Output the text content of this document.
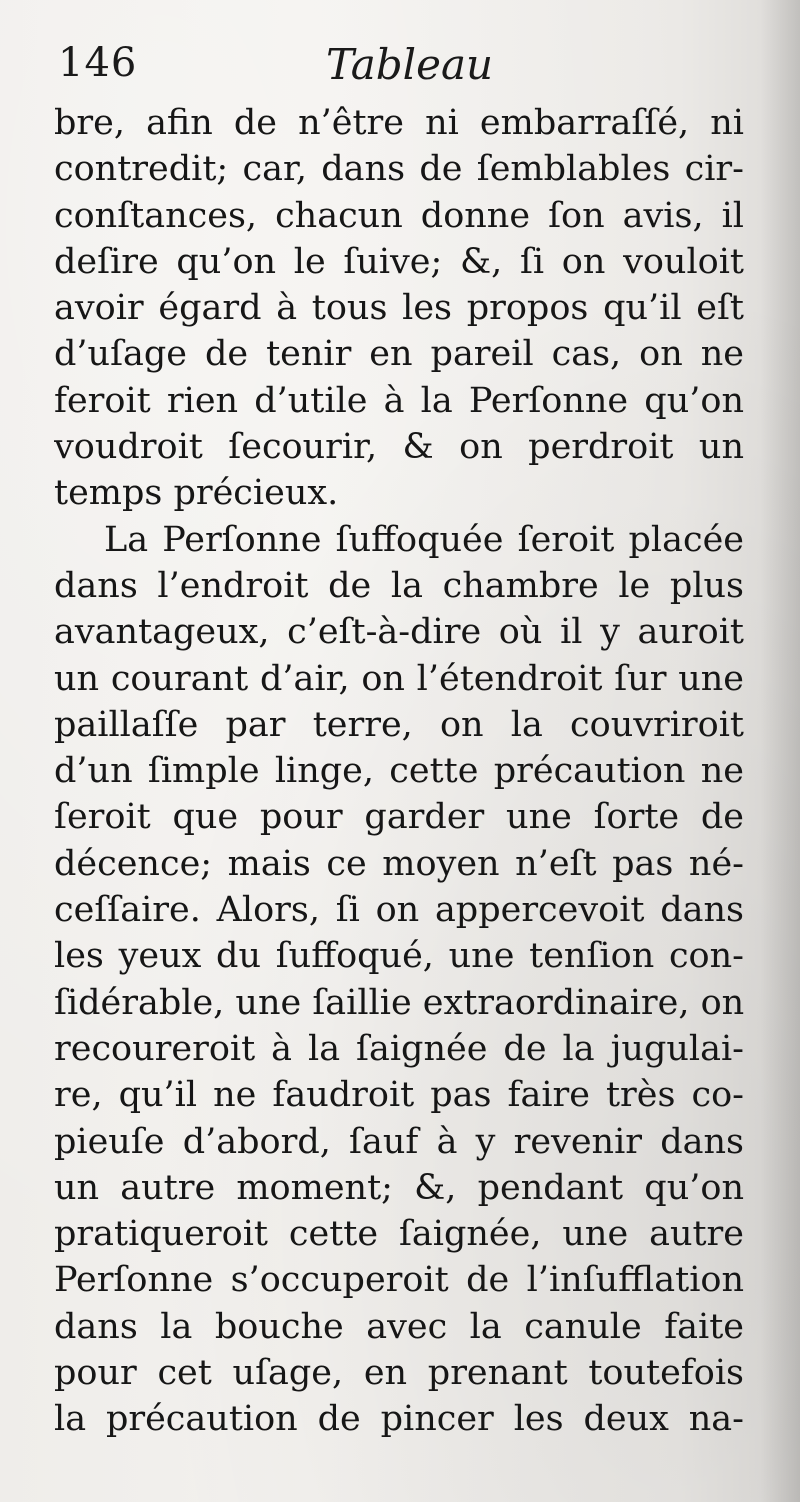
146	Tableau
bre, afin de n’être ni embarraſſé, ni
contredit; car, dans de ſemblables cir-
conſtances, chacun donne ſon avis, il
deſire qu’on le ſuive; &, ſi on vouloit
avoir égard à tous les propos qu’il eſt
d’uſage de tenir en pareil cas, on ne
feroit rien d’utile à la Perſonne qu’on
voudroit ſecourir, & on perdroit un
temps précieux.
La Perſonne ſuffoquée ſeroit placée
dans l’endroit de la chambre le plus
avantageux, c’eſt-à-dire où il y auroit
un courant d’air, on l’étendroit ſur une
paillaſſe par terre, on la couvriroit
d’un ſimple linge, cette précaution ne
ſeroit que pour garder une ſorte de
décence; mais ce moyen n’eſt pas né-
ceſſaire. Alors, ſi on appercevoit dans
les yeux du ſuffoqué, une tenſion con-
ſidérable, une ſaillie extraordinaire, on
recoureroit à la ſaignée de la jugulai-
re, qu’il ne faudroit pas faire très co-
pieuſe d’abord, ſauf à y revenir dans
un autre moment; &, pendant qu’on
pratiqueroit cette ſaignée, une autre
Perſonne s’occuperoit de l’inſufflation
dans la bouche avec la canule faite
pour cet uſage, en prenant toutefois
la précaution de pincer les deux na-
